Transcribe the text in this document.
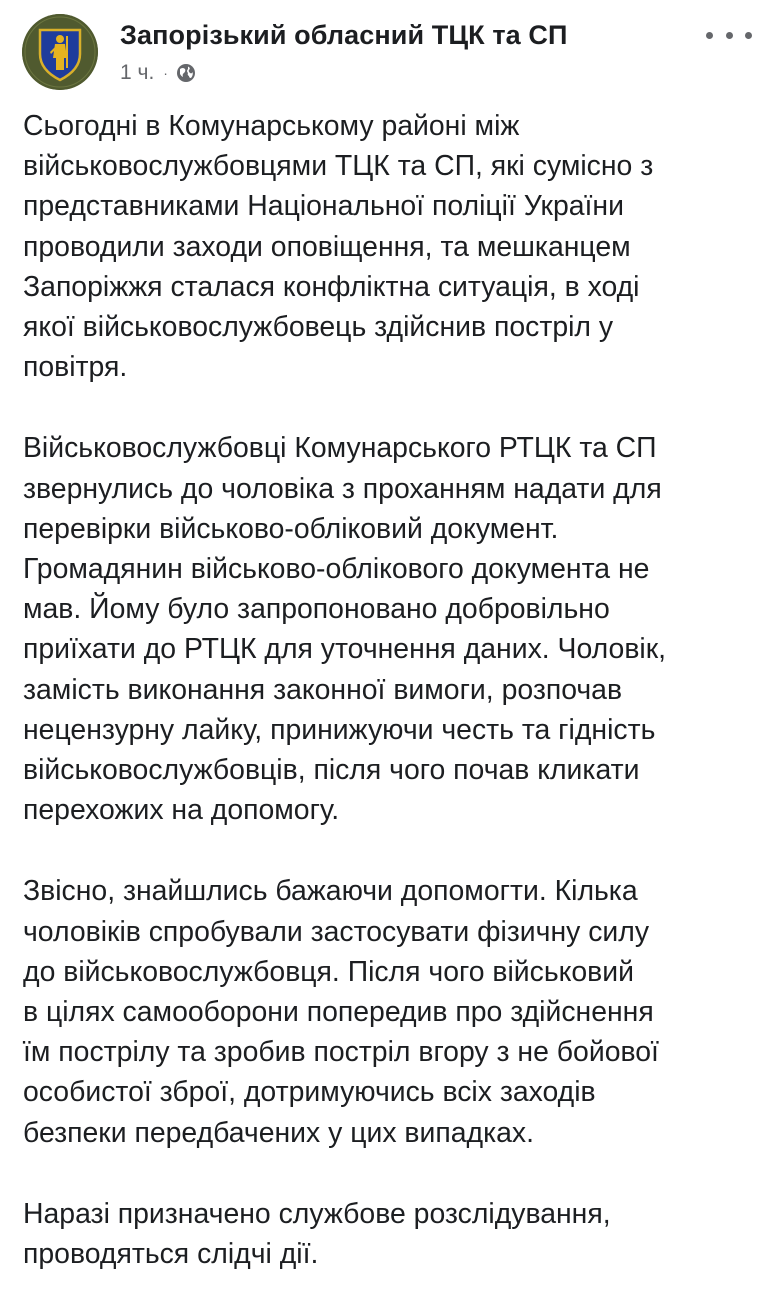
Запорізький обласний ТЦК та СП
1 ч. ·

Сьогодні в Комунарському районі між
військовослужбовцями ТЦК та СП, які сумісно з
представниками Національної поліції України
проводили заходи оповіщення, та мешканцем
Запоріжжя сталася конфліктна ситуація, в ході
якої військовослужбовець здійснив постріл у
повітря.

Військовослужбовці Комунарського РТЦК та СП
звернулись до чоловіка з проханням надати для
перевірки військово-обліковий документ.
Громадянин військово-облікового документа не
мав. Йому було запропоновано добровільно
приїхати до РТЦК для уточнення даних. Чоловік,
замість виконання законної вимоги, розпочав
нецензурну лайку, принижуючи честь та гідність
військовослужбовців, після чого почав кликати
перехожих на допомогу.

Звісно, знайшлись бажаючи допомогти. Кілька
чоловіків спробували застосувати фізичну силу
до військовослужбовця. Після чого військовий
в цілях самооборони попередив про здійснення
їм пострілу та зробив постріл вгору з не бойової
особистої зброї, дотримуючись всіх заходів
безпеки передбачених у цих випадках.

Наразі призначено службове розслідування,
проводяться слідчі дії.
